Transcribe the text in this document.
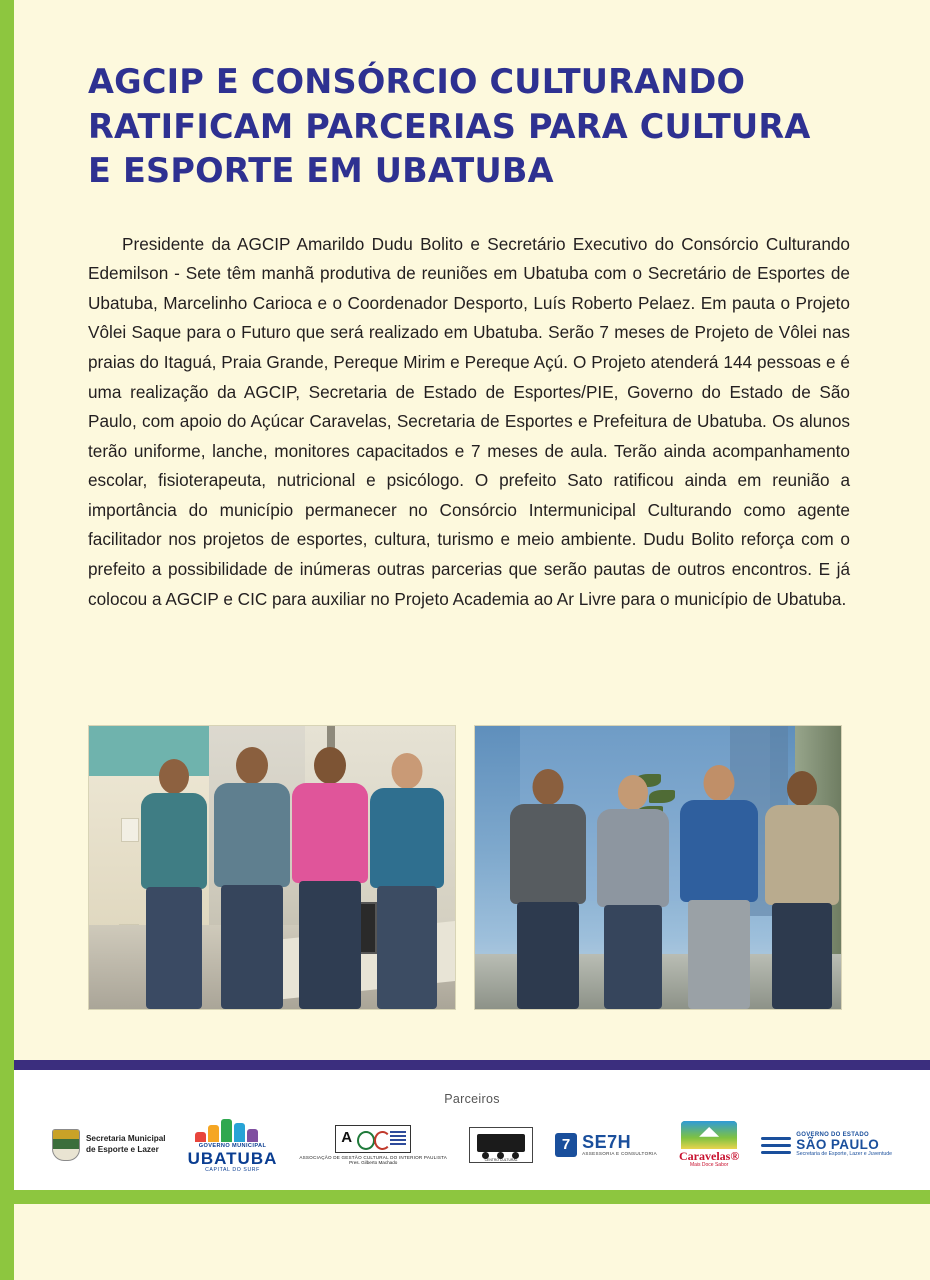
AGCIP E CONSÓRCIO CULTURANDO
RATIFICAM PARCERIAS PARA CULTURA
E ESPORTE EM UBATUBA

Presidente da AGCIP Amarildo Dudu Bolito e Secretário Executivo do Consórcio Culturando Edemilson - Sete têm manhã produtiva de reuniões em Ubatuba com o Secretário de Esportes de Ubatuba, Marcelinho Carioca e o Coordenador Desporto, Luís Roberto Pelaez. Em pauta o Projeto Vôlei Saque para o Futuro que será realizado em Ubatuba. Serão 7 meses de Projeto de Vôlei nas praias do Itaguá, Praia Grande, Pereque Mirim e Pereque Açú. O Projeto atenderá 144 pessoas e é uma realização da AGCIP, Secretaria de Estado de Esportes/PIE, Governo do Estado de São Paulo, com apoio do Açúcar Caravelas, Secretaria de Esportes e Prefeitura de Ubatuba. Os alunos terão uniforme, lanche, monitores capacitados e 7 meses de aula. Terão ainda acompanhamento escolar, fisioterapeuta, nutricional e psicólogo. O prefeito Sato ratificou ainda em reunião a importância do município permanecer no Consórcio Intermunicipal Culturando como agente facilitador nos projetos de esportes, cultura, turismo e meio ambiente. Dudu Bolito reforça com o prefeito a possibilidade de inúmeras outras parcerias que serão pautas de outros encontros. E já colocou a AGCIP e CIC para auxiliar no Projeto Academia ao Ar Livre para o município de Ubatuba.

Parceiros
Secretaria Municipal
de Esporte e Lazer	GOVERNO MUNICIPAL
UBATUBA
CAPITAL DO SURF
A
ASSOCIAÇÃO DE GESTÃO CULTURAL DO INTERIOR PAULISTA
Pres. Gilberto Machado	CENTRO CULTURAL
7
SE7H
ASSESSORIA E CONSULTORIA Caravelas®
Mais Doce Sabor
GOVERNO DO ESTADO
SÃO PAULO
Secretaria de Esporte, Lazer e Juventude
